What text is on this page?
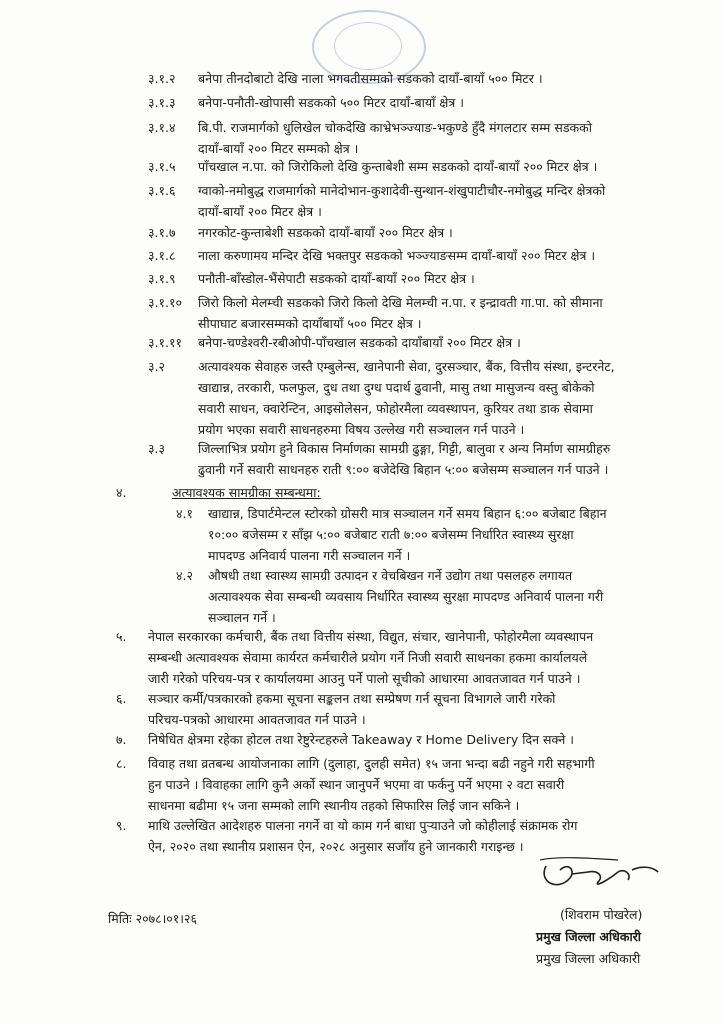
३.१.२ बनेपा तीनदोबाटो देखि नाला भगवतीसम्मको सडकको दायाँ-बायाँ ५०० मिटर ।
३.१.३ बनेपा-पनौती-खोपासी सडकको ५०० मिटर दायाँ-बायाँ क्षेत्र ।
३.१.४ बि.पी. राजमार्गको धुलिखेल चोकदेखि काभ्रेभञ्ज्याङ-भकुण्डे हुँदै मंगलटार सम्म सडकको
दायाँ-बायाँ २०० मिटर सम्मको क्षेत्र ।
३.१.५ पाँचखाल न.पा. को जिरोकिलो देखि कुन्ताबेशी सम्म सडकको दायाँ-बायाँ २०० मिटर क्षेत्र ।
३.१.६ ग्वाको-नमोबुद्ध राजमार्गको मानेदोभान-कुशादेवी-सुन्थान-शंखुपाटीचौर-नमोबुद्ध मन्दिर क्षेत्रको
दायाँ-बायाँ २०० मिटर क्षेत्र ।
३.१.७ नगरकोट-कुन्ताबेशी सडकको दायाँ-बायाँ २०० मिटर क्षेत्र ।
३.१.८ नाला करुणामय मन्दिर देखि भक्तपुर सडकको भञ्ज्याङसम्म दायाँ-बायाँ २०० मिटर क्षेत्र ।
३.१.९ पनौती-बाँस्डोल-भैंसेपाटी सडकको दायाँ-बायाँ २०० मिटर क्षेत्र ।
३.१.१० जिरो किलो मेलम्ची सडकको जिरो किलो देखि मेलम्ची न.पा. र इन्द्रावती गा.पा. को सीमाना
सीपाघाट बजारसम्मको दायाँबायाँ ५०० मिटर क्षेत्र ।
३.१.११ बनेपा-चण्डेश्वरी-रबीओपी-पाँचखाल सडकको दायाँबायाँ २०० मिटर क्षेत्र ।
३.२	अत्यावश्यक सेवाहरु जस्तै एम्बुलेन्स, खानेपानी सेवा, दुरसञ्चार, बैंक, वित्तीय संस्था, इन्टरनेट,
खाद्यान्न, तरकारी, फलफुल, दुध तथा दुग्ध पदार्थ ढुवानी, मासु तथा मासुजन्य वस्तु बोकेको
सवारी साधन, क्वारेन्टिन, आइसोलेसन, फोहोरमैला व्यवस्थापन, कुरियर तथा डाक सेवामा
प्रयोग भएका सवारी साधनहरुमा विषय उल्लेख गरी सञ्चालन गर्न पाउने ।
३.३	जिल्लाभित्र प्रयोग हुने विकास निर्माणका सामग्री ढुङ्गा, गिट्टी, बालुवा र अन्य निर्माण सामग्रीहरु
ढुवानी गर्ने सवारी साधनहरु राती ९:०० बजेदेखि बिहान ५:०० बजेसम्म सञ्चालन गर्न पाउने ।
४.	अत्यावश्यक सामग्रीका सम्बन्धमा:
४.१ खाद्यान्न, डिपार्टमेन्टल स्टोरको ग्रोसरी मात्र सञ्चालन गर्ने समय बिहान ६:०० बजेबाट बिहान
१०:०० बजेसम्म र साँझ ५:०० बजेबाट राती ७:०० बजेसम्म निर्धारित स्वास्थ्य सुरक्षा
मापदण्ड अनिवार्य पालना गरी सञ्चालन गर्ने ।
४.२ औषधी तथा स्वास्थ्य सामग्री उत्पादन र वेचबिखन गर्ने उद्योग तथा पसलहरु लगायत
अत्यावश्यक सेवा सम्बन्धी व्यवसाय निर्धारित स्वास्थ्य सुरक्षा मापदण्ड अनिवार्य पालना गरी
सञ्चालन गर्ने ।
५. नेपाल सरकारका कर्मचारी, बैंक तथा वित्तीय संस्था, विद्युत, संचार, खानेपानी, फोहोरमैला व्यवस्थापन
सम्बन्धी अत्यावश्यक सेवामा कार्यरत कर्मचारीले प्रयोग गर्ने निजी सवारी साधनका हकमा कार्यालयले
जारी गरेको परिचय-पत्र र कार्यालयमा आउनु पर्ने पालो सूचीको आधारमा आवतजावत गर्न पाउने ।
६. सञ्चार कर्मी/पत्रकारको हकमा सूचना सङ्कलन तथा सम्प्रेषण गर्न सूचना विभागले जारी गरेको
परिचय-पत्रको आधारमा आवतजावत गर्न पाउने ।
७. निषेधित क्षेत्रमा रहेका होटल तथा रेष्टुरेन्टहरुले Takeaway र Home Delivery दिन सक्ने ।
८. विवाह तथा व्रतबन्ध आयोजनाका लागि (दुलाहा, दुलही समेत) १५ जना भन्दा बढी नहुने गरी सहभागी
हुन पाउने । विवाहका लागि कुनै अर्को स्थान जानुपर्ने भएमा वा फर्कनु पर्ने भएमा २ वटा सवारी
साधनमा बढीमा १५ जना सम्मको लागि स्थानीय तहको सिफारिस लिई जान सकिने ।
९. माथि उल्लेखित आदेशहरु पालना नगर्ने वा यो काम गर्न बाधा पुर्‍याउने जो कोहीलाई संक्रामक रोग
ऐन, २०२० तथा स्थानीय प्रशासन ऐन, २०२८ अनुसार सजाँय हुने जानकारी गराइन्छ ।
मितिः २०७८।०१।२६	(शिवराम पोखरेल)
प्रमुख जिल्ला अधिकारी
प्रमुख जिल्ला अधिकारी
